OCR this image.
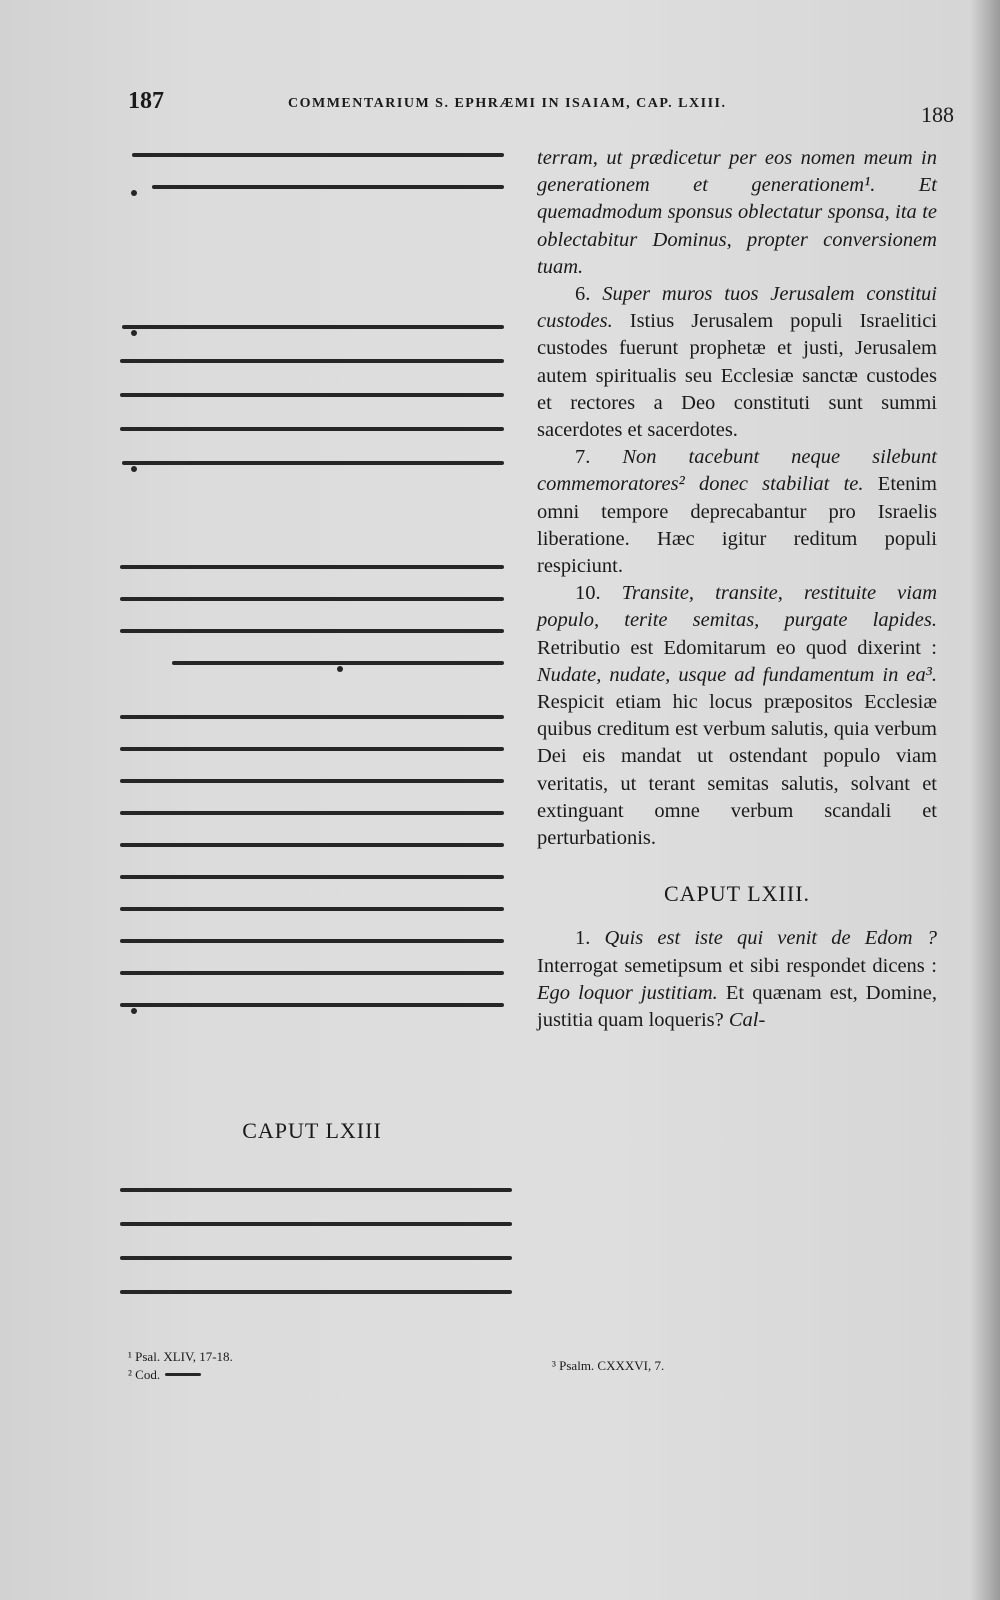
187	COMMENTARIUM S. EPHRÆMI IN ISAIAM, CAP. LXIII.	188
CAPUT LXIII

terram, ut prædicetur per eos nomen meum in generationem et generationem¹. Et quemadmodum sponsus oblectatur sponsa, ita te oblectabitur Dominus, propter conversionem tuam.

6. Super muros tuos Jerusalem constitui custodes. Istius Jerusalem populi Israelitici custodes fuerunt prophetæ et justi, Jerusalem autem spiritualis seu Ecclesiæ sanctæ custodes et rectores a Deo constituti sunt summi sacerdotes et sacerdotes.

7. Non tacebunt neque silebunt commemoratores² donec stabiliat te. Etenim omni tempore deprecabantur pro Israelis liberatione. Hæc igitur reditum populi respiciunt.

10. Transite, transite, restituite viam populo, terite semitas, purgate lapides. Retributio est Edomitarum eo quod dixerint : Nudate, nudate, usque ad fundamentum in ea³. Respicit etiam hic locus præpositos Ecclesiæ quibus creditum est verbum salutis, quia verbum Dei eis mandat ut ostendant populo viam veritatis, ut terant semitas salutis, solvant et extinguant omne verbum scandali et perturbationis.

CAPUT LXIII.

1. Quis est iste qui venit de Edom ? Interrogat semetipsum et sibi respondet dicens : Ego loquor justitiam. Et quænam est, Domine, justitia quam loqueris? Cal-

¹ Psal. XLIV, 17-18.
² Cod.
³ Psalm. CXXXVI, 7.
